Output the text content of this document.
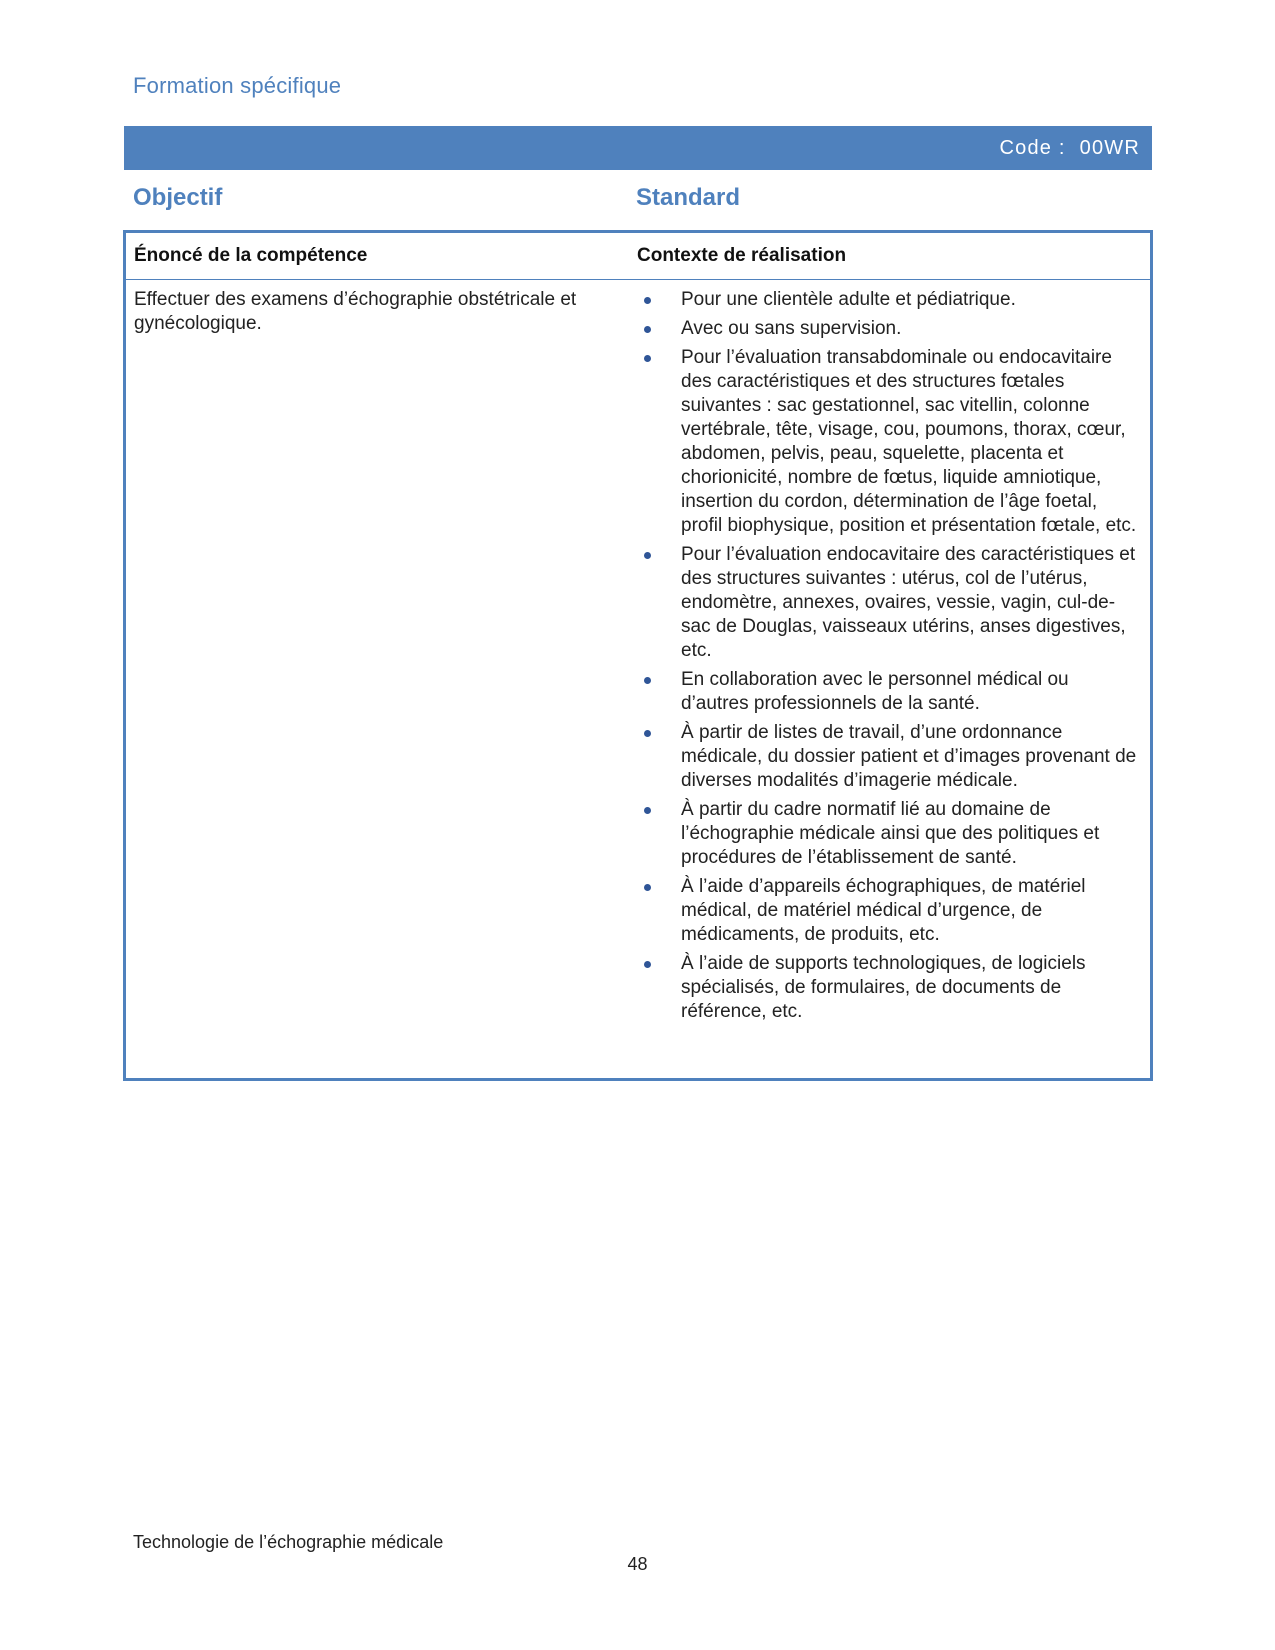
Formation spécifique
Code : 00WR
Objectif	Standard
Énoncé de la compétence	Contexte de réalisation
Effectuer des examens d’échographie obstétricale et gynécologique.
Pour une clientèle adulte et pédiatrique.
Avec ou sans supervision.
Pour l’évaluation transabdominale ou endocavitaire des caractéristiques et des structures fœtales suivantes : sac gestationnel, sac vitellin, colonne vertébrale, tête, visage, cou, poumons, thorax, cœur, abdomen, pelvis, peau, squelette, placenta et chorionicité, nombre de fœtus, liquide amniotique, insertion du cordon, détermination de l’âge foetal, profil biophysique, position et présentation fœtale, etc.
Pour l’évaluation endocavitaire des caractéristiques et des structures suivantes : utérus, col de l’utérus, endomètre, annexes, ovaires, vessie, vagin, cul-de-sac de Douglas, vaisseaux utérins, anses digestives, etc.
En collaboration avec le personnel médical ou d’autres professionnels de la santé.
À partir de listes de travail, d’une ordonnance médicale, du dossier patient et d’images provenant de diverses modalités d’imagerie médicale.
À partir du cadre normatif lié au domaine de l’échographie médicale ainsi que des politiques et procédures de l’établissement de santé.
À l’aide d’appareils échographiques, de matériel médical, de matériel médical d’urgence, de médicaments, de produits, etc.
À l’aide de supports technologiques, de logiciels spécialisés, de formulaires, de documents de référence, etc.
Technologie de l’échographie médicale
48
